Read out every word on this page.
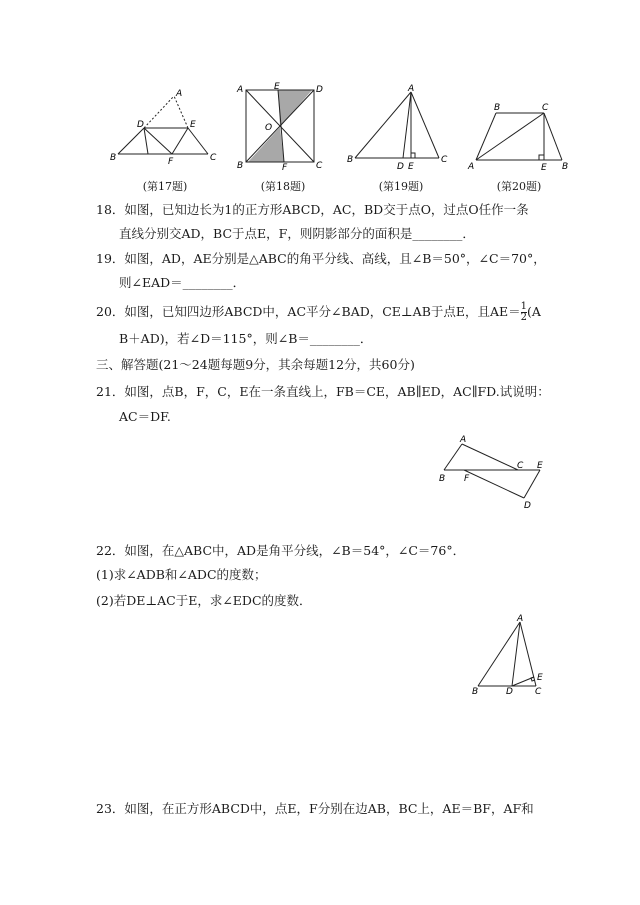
A
D	E
B	F	C
(第17题)
A	E	D
O
B	F	C
(第18题)
A
B
D E
C
(第19题)
B	C
A	E B
(第20题)
18．如图，已知边长为1的正方形ABCD，AC，BD交于点O，过点O任作一条
直线分别交AD，BC于点E，F，则阴影部分的面积是________．
19．如图，AD，AE分别是△ABC的角平分线、高线，且∠B＝50°，∠C＝70°，
则∠EAD＝________．
20．如图，已知四边形ABCD中，AC平分∠BAD，CE⊥AB于点E，且$AE= \frac{1}{2} (A$
B＋AD)，若∠D＝115°，则∠B＝________．
三、解答题(21～24题每题9分，其余每题12分，共60分)
21．如图，点B，F，C，E在一条直线上，FB＝CE，AB∥ED，AC∥FD.试说明：
AC＝DF.
A
C E
B F
D
22．如图，在△ABC中，AD是角平分线，∠B＝54°，∠C＝76°．
(1)求∠ADB和∠ADC的度数；
(2)若DE⊥AC于E，求∠EDC的度数．
A
B	D
E
C
23．如图，在正方形ABCD中，点E，F分别在边AB，BC上，AE＝BF，AF和
